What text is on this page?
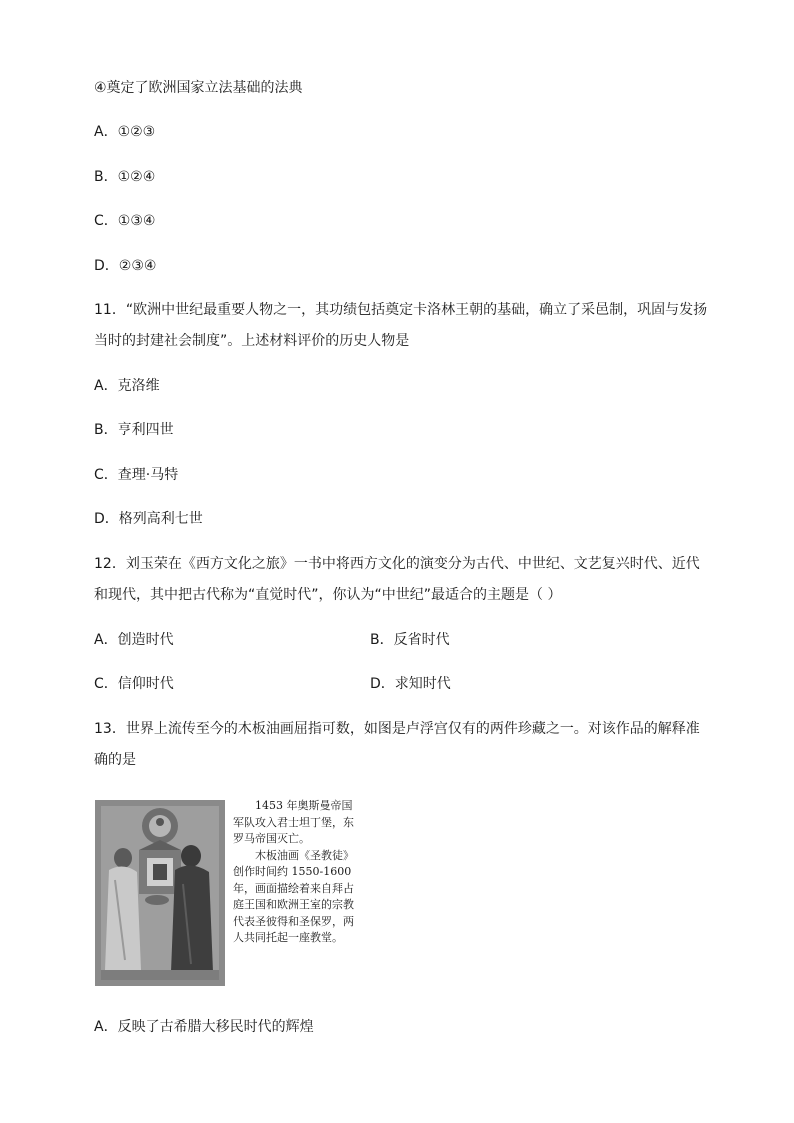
④奠定了欧洲国家立法基础的法典
A．①②③
B．①②④
C．①③④
D．②③④
11．“欧洲中世纪最重要人物之一，其功绩包括奠定卡洛林王朝的基础，确立了采邑制，巩固与发扬
当时的封建社会制度”。上述材料评价的历史人物是
A．克洛维
B．亨利四世
C．查理·马特
D．格列高利七世
12．刘玉荣在《西方文化之旅》一书中将西方文化的演变分为古代、中世纪、文艺复兴时代、近代
和现代，其中把古代称为“直觉时代”，你认为“中世纪”最适合的主题是（ ）
A．创造时代	B．反省时代
C．信仰时代	D．求知时代
13．世界上流传至今的木板油画屈指可数，如图是卢浮宫仅有的两件珍藏之一。对该作品的解释准
确的是

1453 年奥斯曼帝国军队攻入君士坦丁堡，东罗马帝国灭亡。

木板油画《圣教徒》创作时间约 1550-1600 年，画面描绘着来自拜占庭王国和欧洲王室的宗教代表圣彼得和圣保罗，两人共同托起一座教堂。

A．反映了古希腊大移民时代的辉煌
